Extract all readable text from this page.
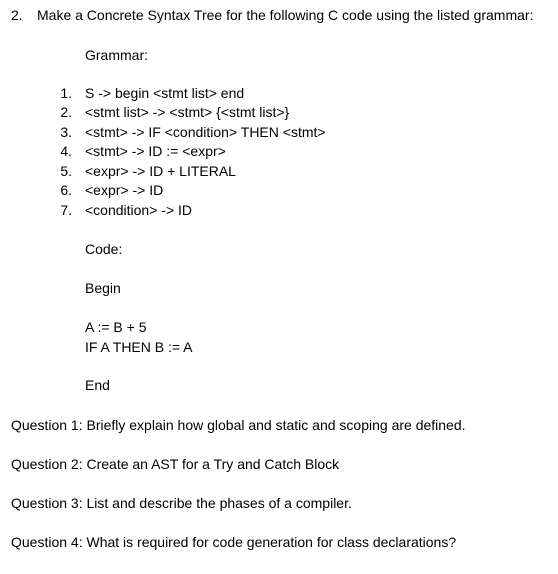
2. Make a Concrete Syntax Tree for the following C code using the listed grammar:
Grammar:
1. S -> begin <stmt list> end
2. <stmt list> -> <stmt> {<stmt list>}
3. <stmt> -> IF <condition> THEN <stmt>
4. <stmt> -> ID := <expr>
5. <expr> -> ID + LITERAL
6. <expr> -> ID
7. <condition> -> ID
Code:
Begin
A := B + 5
IF A THEN B := A
End
Question 1: Briefly explain how global and static and scoping are defined.
Question 2: Create an AST for a Try and Catch Block
Question 3: List and describe the phases of a compiler.
Question 4: What is required for code generation for class declarations?
